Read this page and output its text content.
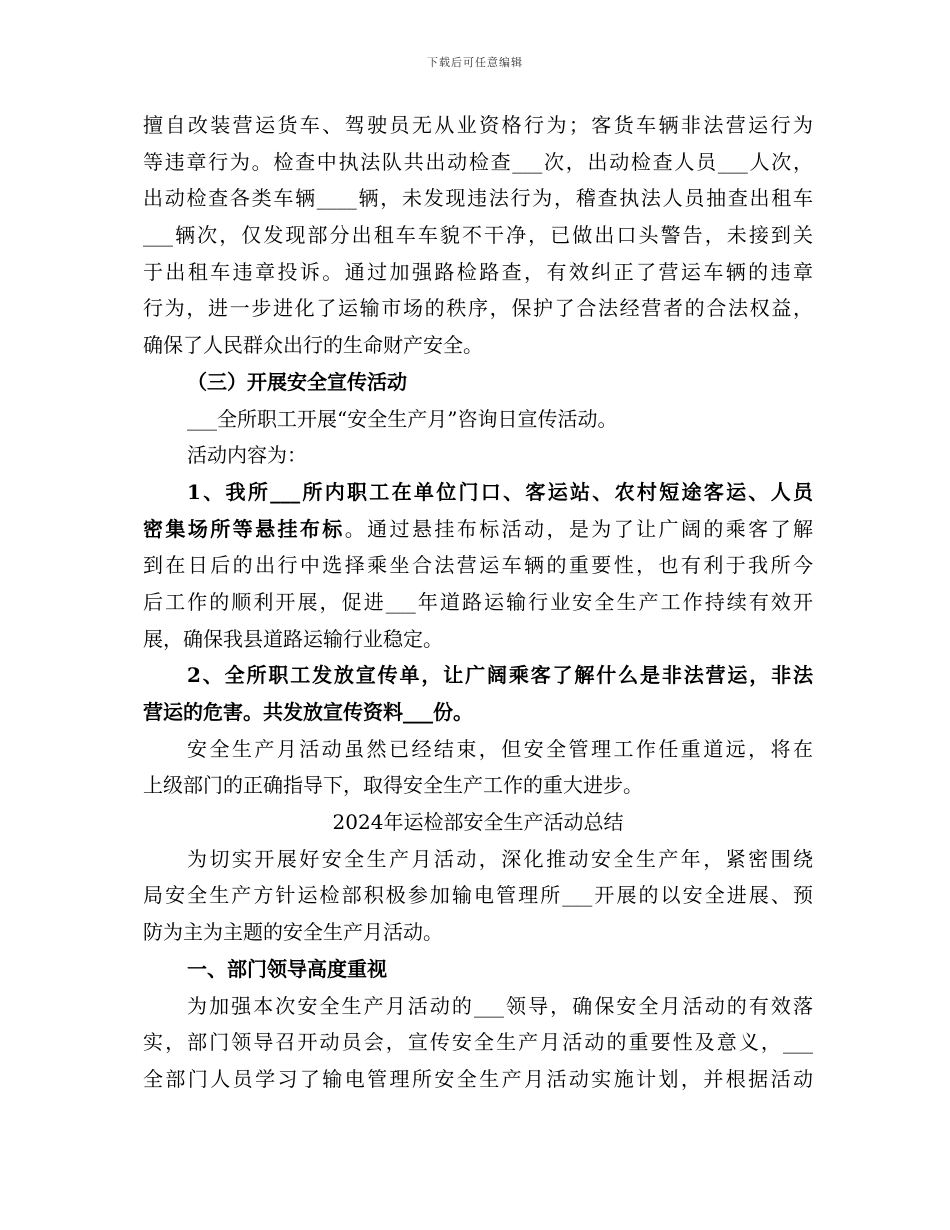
下载后可任意编辑
擅自改装营运货车、驾驶员无从业资格行为；客货车辆非法营运行为
等违章行为。检查中执法队共出动检查___次，出动检查人员___人次，
出动检查各类车辆____辆，未发现违法行为，稽查执法人员抽查出租车
___辆次，仅发现部分出租车车貌不干净，已做出口头警告，未接到关
于出租车违章投诉。通过加强路检路查，有效纠正了营运车辆的违章
行为，进一步进化了运输市场的秩序，保护了合法经营者的合法权益，
确保了人民群众出行的生命财产安全。
（三）开展安全宣传活动
___全所职工开展“安全生产月”咨询日宣传活动。
活动内容为：
1、我所___所内职工在单位门口、客运站、农村短途客运、人员
密集场所等悬挂布标。通过悬挂布标活动，是为了让广阔的乘客了解
到在日后的出行中选择乘坐合法营运车辆的重要性，也有利于我所今
后工作的顺利开展，促进___年道路运输行业安全生产工作持续有效开
展，确保我县道路运输行业稳定。
2、全所职工发放宣传单，让广阔乘客了解什么是非法营运，非法
营运的危害。共发放宣传资料___份。
安全生产月活动虽然已经结束，但安全管理工作任重道远，将在
上级部门的正确指导下，取得安全生产工作的重大进步。
2024年运检部安全生产活动总结
为切实开展好安全生产月活动，深化推动安全生产年，紧密围绕
局安全生产方针运检部积极参加输电管理所___开展的以安全进展、预
防为主为主题的安全生产月活动。
一、部门领导高度重视
为加强本次安全生产月活动的___领导，确保安全月活动的有效落
实，部门领导召开动员会，宣传安全生产月活动的重要性及意义，___
全部门人员学习了输电管理所安全生产月活动实施计划，并根据活动
